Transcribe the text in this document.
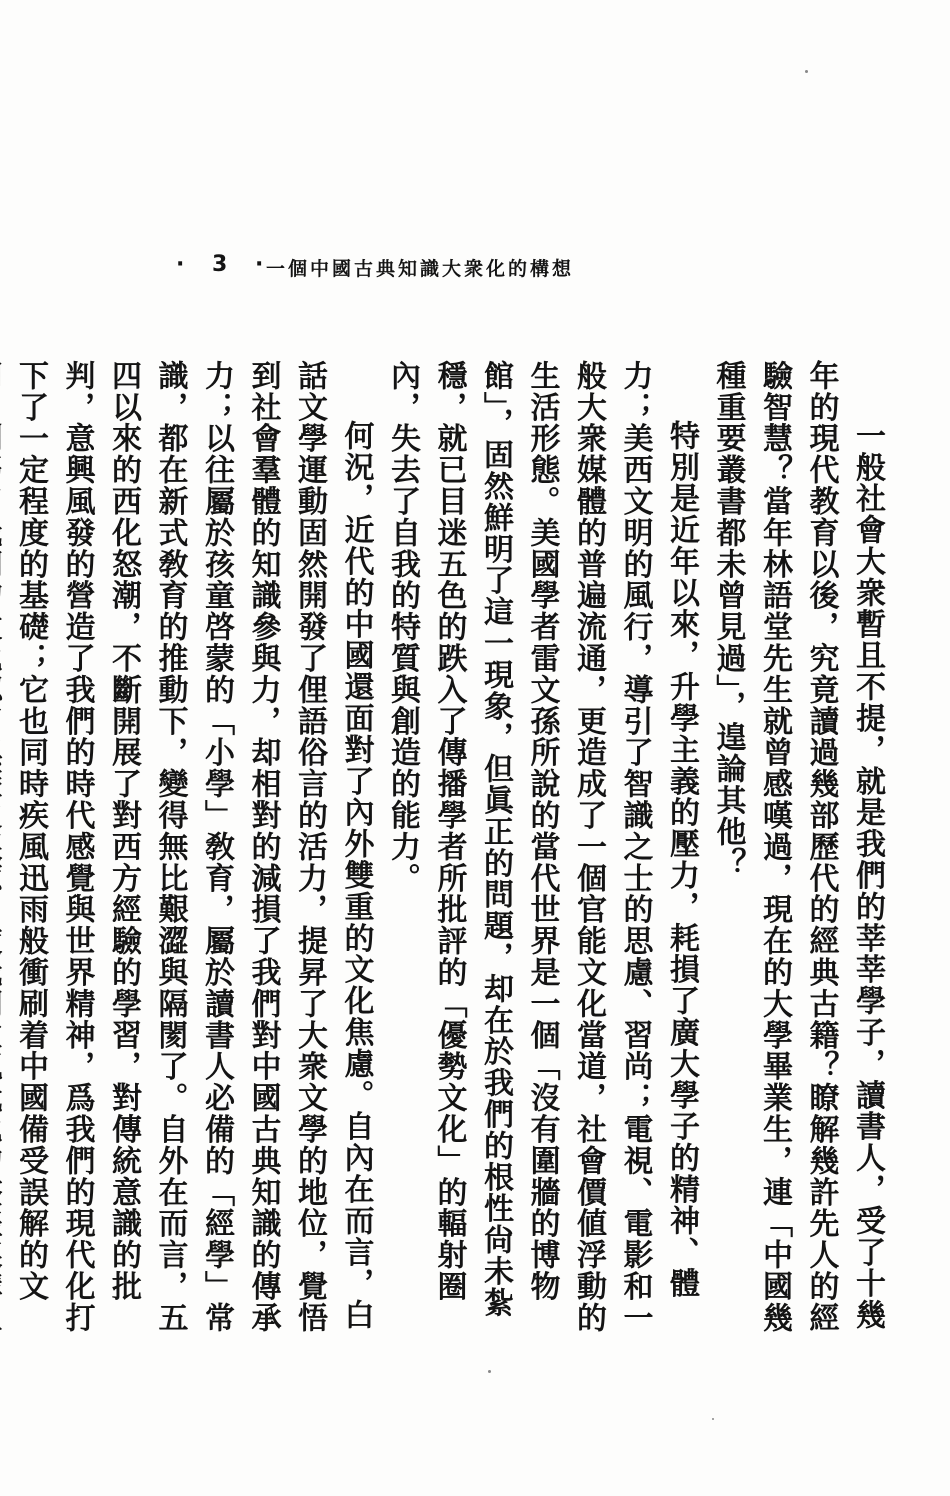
· 3 ·
想構的化衆大識知典古國中個一

一般社會大衆暫且不提，就是我們的莘莘學子，讀書人，受了十幾年的現代教育以後，究竟讀過幾部歷代的經典古籍？瞭解幾許先人的經驗智慧？當年林語堂先生就曾感嘆過，現在的大學畢業生，連「中國幾種重要叢書都未曾見過」，遑論其他？

特別是近年以來，升學主義的壓力，耗損了廣大學子的精神、體力；美西文明的風行，導引了智識之士的思慮、習尚；電視、電影和一般大衆媒體的普遍流通，更造成了一個官能文化當道，社會價値浮動的生活形態。美國學者雷文孫所說的當代世界是一個「沒有圍牆的博物館」，固然鮮明了這一現象，但眞正的問題，却在於我們的根性尙未紮穩，就已目迷五色的跌入了傳播學者所批評的「優勢文化」的輻射圈內，失去了自我的特質與創造的能力。

何況，近代的中國還面對了內外雙重的文化焦慮。自內在而言，白話文學運動固然開發了俚語俗言的活力，提昇了大衆文學的地位，覺悟到社會羣體的知識參與力，却相對的減損了我們對中國古典知識的傳承力；以往屬於孩童啓蒙的「小學」敎育，屬於讀書人必備的「經學」常識，都在新式敎育的推動下，變得無比艱澀與隔閡了。自外在而言，五四以來的西化怒潮，不斷開展了對西方經驗的學習，對傳統意識的批判，意興風發的營造了我們的時代感覺與世界精神，爲我們的現代化打下了一定程度的基礎；它也同時疾風迅雨般衝刷着中國備受誤解的文
